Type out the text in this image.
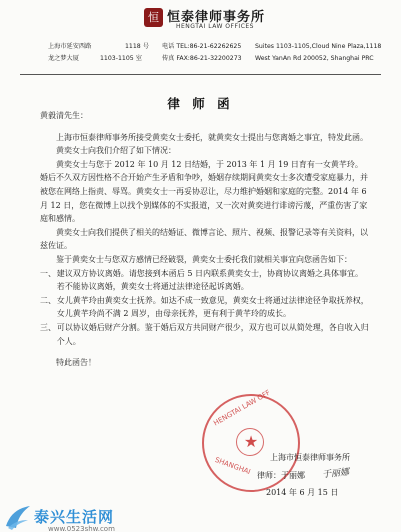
恒 恒泰律师事务所
HENGTAI LAW OFFICES
上海市延安西路	1118 号
龙之梦大厦	1103-1105 室
电话 TEL:86-21-62262625
传真 FAX:86-21-32200273
Suites 1103-1105,Cloud Nine Plaza,1118
West YanAn Rd 200052, Shanghai PRC
律 师 函

黄毅清先生：

上海市恒泰律师事务所接受黄奕女士委托，就黄奕女士提出与您离婚之事宜，特发此函。

黄奕女士向我们介绍了如下情况：

黄奕女士与您于 2012 年 10 月 12 日结婚，于 2013 年 1 月 19 日育有一女黄芊玲。婚后不久双方因性格不合开始产生矛盾和争吵，婚姻存续期间黄奕女士多次遭受家庭暴力，并被您在网络上指责、辱骂。黄奕女士一再妥协忍让，尽力维护婚姻和家庭的完整。2014 年 6 月 12 日，您在微博上以找个别媒体的不实报道，又一次对黄奕进行诽谤污蔑，严重伤害了家庭和感情。

黄奕女士向我们提供了相关的结婚证、微博言论、照片、视频、报警记录等有关资料，以兹佐证。

鉴于黄奕女士与您双方感情已经破裂，黄奕女士委托我们就相关事宜向您函告如下：

一、建议双方协议离婚。请您接到本函后 5 日内联系黄奕女士，协商协议离婚之具体事宜。若不能协议离婚，黄奕女士将通过法律途径起诉离婚。

二、女儿黄芊玲由黄奕女士抚养。如达不成一致意见，黄奕女士将通过法律途径争取抚养权，女儿黄芊玲尚不满 2 周岁，由母亲抚养，更有利于黄芊玲的成长。

三、可以协议婚后财产分割。鉴于婚后双方共同财产很少，双方也可以从简处理，各自收入归个人。

特此函告！

HENGTAI LAW OFF
★
SHANGHAI 上海市恒泰律师事务所
律师：于丽娜 于丽娜
2014 年 6 月 15 日
泰兴生活网
www.0523shw.com
